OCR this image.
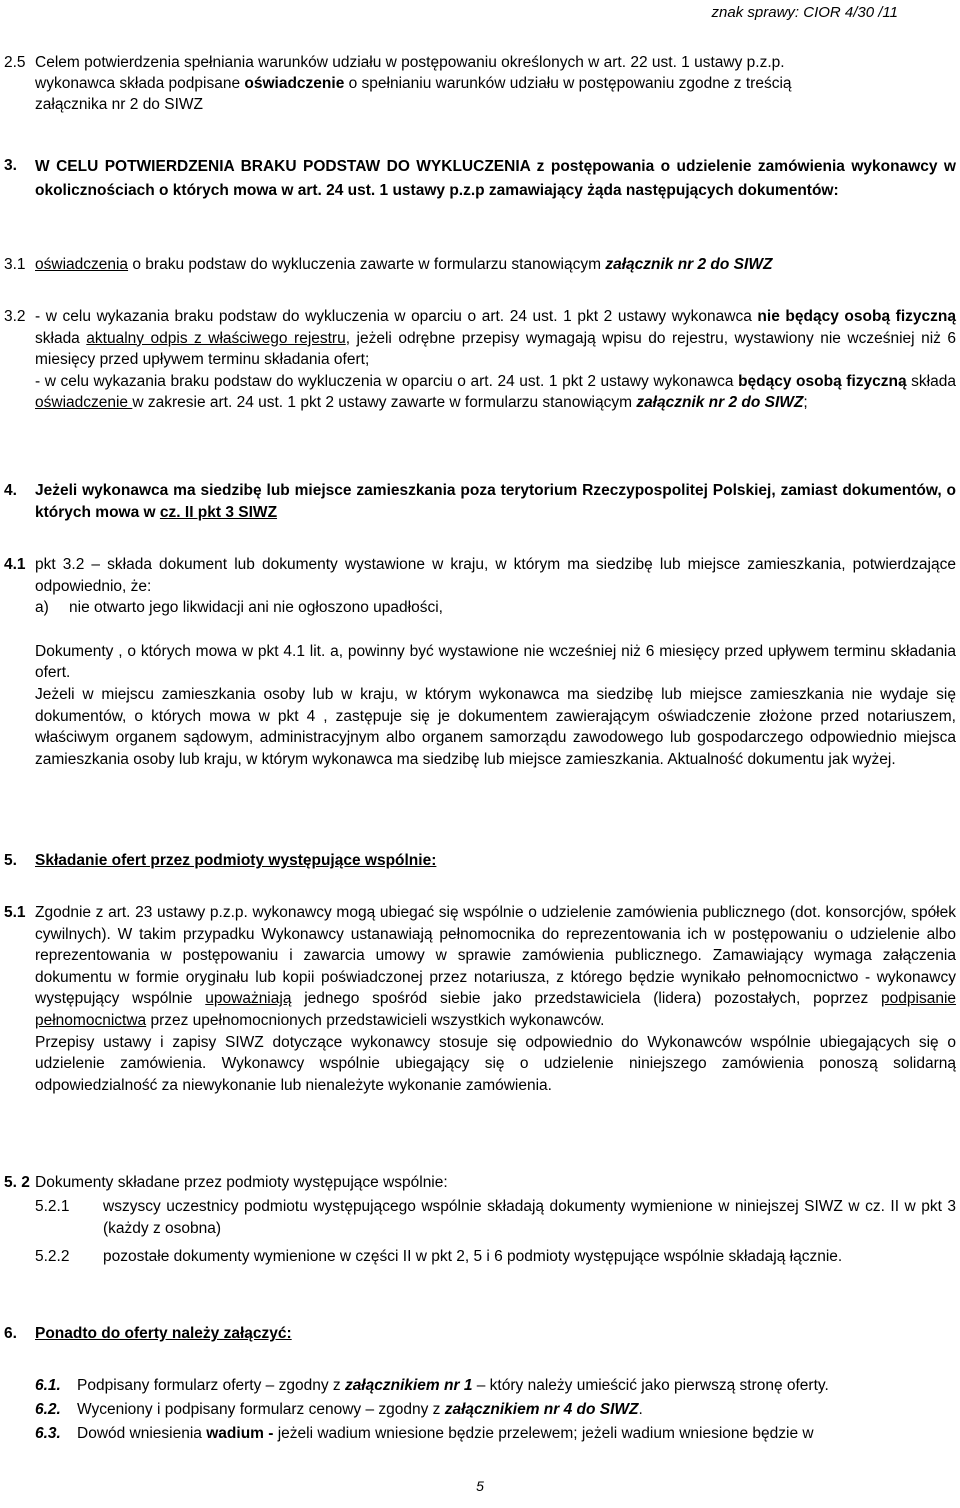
znak sprawy: CIOR 4/30 /11
2.5 Celem potwierdzenia spełniania warunków udziału w postępowaniu określonych w art. 22 ust. 1 ustawy p.z.p.
wykonawca składa podpisane oświadczenie o spełnianiu warunków udziału w postępowaniu zgodne z treścią
załącznika nr 2 do SIWZ
3. W CELU POTWIERDZENIA BRAKU PODSTAW DO WYKLUCZENIA z postępowania o udzielenie zamówienia wykonawcy w okolicznościach o których mowa w art. 24 ust. 1 ustawy p.z.p zamawiający żąda następujących dokumentów:
3.1 oświadczenia o braku podstaw do wykluczenia zawarte w formularzu stanowiącym załącznik nr 2 do SIWZ
3.2 - w celu wykazania braku podstaw do wykluczenia w oparciu o art. 24 ust. 1 pkt 2 ustawy wykonawca nie będący osobą fizyczną składa aktualny odpis z właściwego rejestru, jeżeli odrębne przepisy wymagają wpisu do rejestru, wystawiony nie wcześniej niż 6 miesięcy przed upływem terminu składania ofert;
- w celu wykazania braku podstaw do wykluczenia w oparciu o art. 24 ust. 1 pkt 2 ustawy wykonawca będący osobą fizyczną składa oświadczenie w zakresie art. 24 ust. 1 pkt 2 ustawy zawarte w formularzu stanowiącym załącznik nr 2 do SIWZ;
4. Jeżeli wykonawca ma siedzibę lub miejsce zamieszkania poza terytorium Rzeczypospolitej Polskiej, zamiast dokumentów, o których mowa w cz. II pkt 3 SIWZ
4.1 pkt 3.2 – składa dokument lub dokumenty wystawione w kraju, w którym ma siedzibę lub miejsce zamieszkania, potwierdzające odpowiednio, że:
a) nie otwarto jego likwidacji ani nie ogłoszono upadłości,
Dokumenty , o których mowa w pkt 4.1 lit. a, powinny być wystawione nie wcześniej niż 6 miesięcy przed upływem terminu składania ofert.
Jeżeli w miejscu zamieszkania osoby lub w kraju, w którym wykonawca ma siedzibę lub miejsce zamieszkania nie wydaje się dokumentów, o których mowa w pkt 4 , zastępuje się je dokumentem zawierającym oświadczenie złożone przed notariuszem, właściwym organem sądowym, administracyjnym albo organem samorządu zawodowego lub gospodarczego odpowiednio miejsca zamieszkania osoby lub kraju, w którym wykonawca ma siedzibę lub miejsce zamieszkania. Aktualność dokumentu jak wyżej.
5. Składanie ofert przez podmioty występujące wspólnie:
5.1 Zgodnie z art. 23 ustawy p.z.p. wykonawcy mogą ubiegać się wspólnie o udzielenie zamówienia publicznego (dot. konsorcjów, spółek cywilnych). W takim przypadku Wykonawcy ustanawiają pełnomocnika do reprezentowania ich w postępowaniu o udzielenie albo reprezentowania w postępowaniu i zawarcia umowy w sprawie zamówienia publicznego. Zamawiający wymaga załączenia dokumentu w formie oryginału lub kopii poświadczonej przez notariusza, z którego będzie wynikało pełnomocnictwo - wykonawcy występujący wspólnie upoważniają jednego spośród siebie jako przedstawiciela (lidera) pozostałych, poprzez podpisanie pełnomocnictwa przez upełnomocnionych przedstawicieli wszystkich wykonawców.
Przepisy ustawy i zapisy SIWZ dotyczące wykonawcy stosuje się odpowiednio do Wykonawców wspólnie ubiegających się o udzielenie zamówienia. Wykonawcy wspólnie ubiegający się o udzielenie niniejszego zamówienia ponoszą solidarną odpowiedzialność za niewykonanie lub nienależyte wykonanie zamówienia.
5. 2 Dokumenty składane przez podmioty występujące wspólnie:
5.2.1 wszyscy uczestnicy podmiotu występującego wspólnie składają dokumenty wymienione w niniejszej SIWZ w cz. II w pkt 3 (każdy z osobna)
5.2.2 pozostałe dokumenty wymienione w części II w pkt 2, 5 i 6 podmioty występujące wspólnie składają łącznie.
6. Ponadto do oferty należy załączyć:
6.1. Podpisany formularz oferty – zgodny z załącznikiem nr 1 – który należy umieścić jako pierwszą stronę oferty.
6.2. Wyceniony i podpisany formularz cenowy – zgodny z załącznikiem nr 4 do SIWZ.
6.3. Dowód wniesienia wadium - jeżeli wadium wniesione będzie przelewem; jeżeli wadium wniesione będzie w
5
